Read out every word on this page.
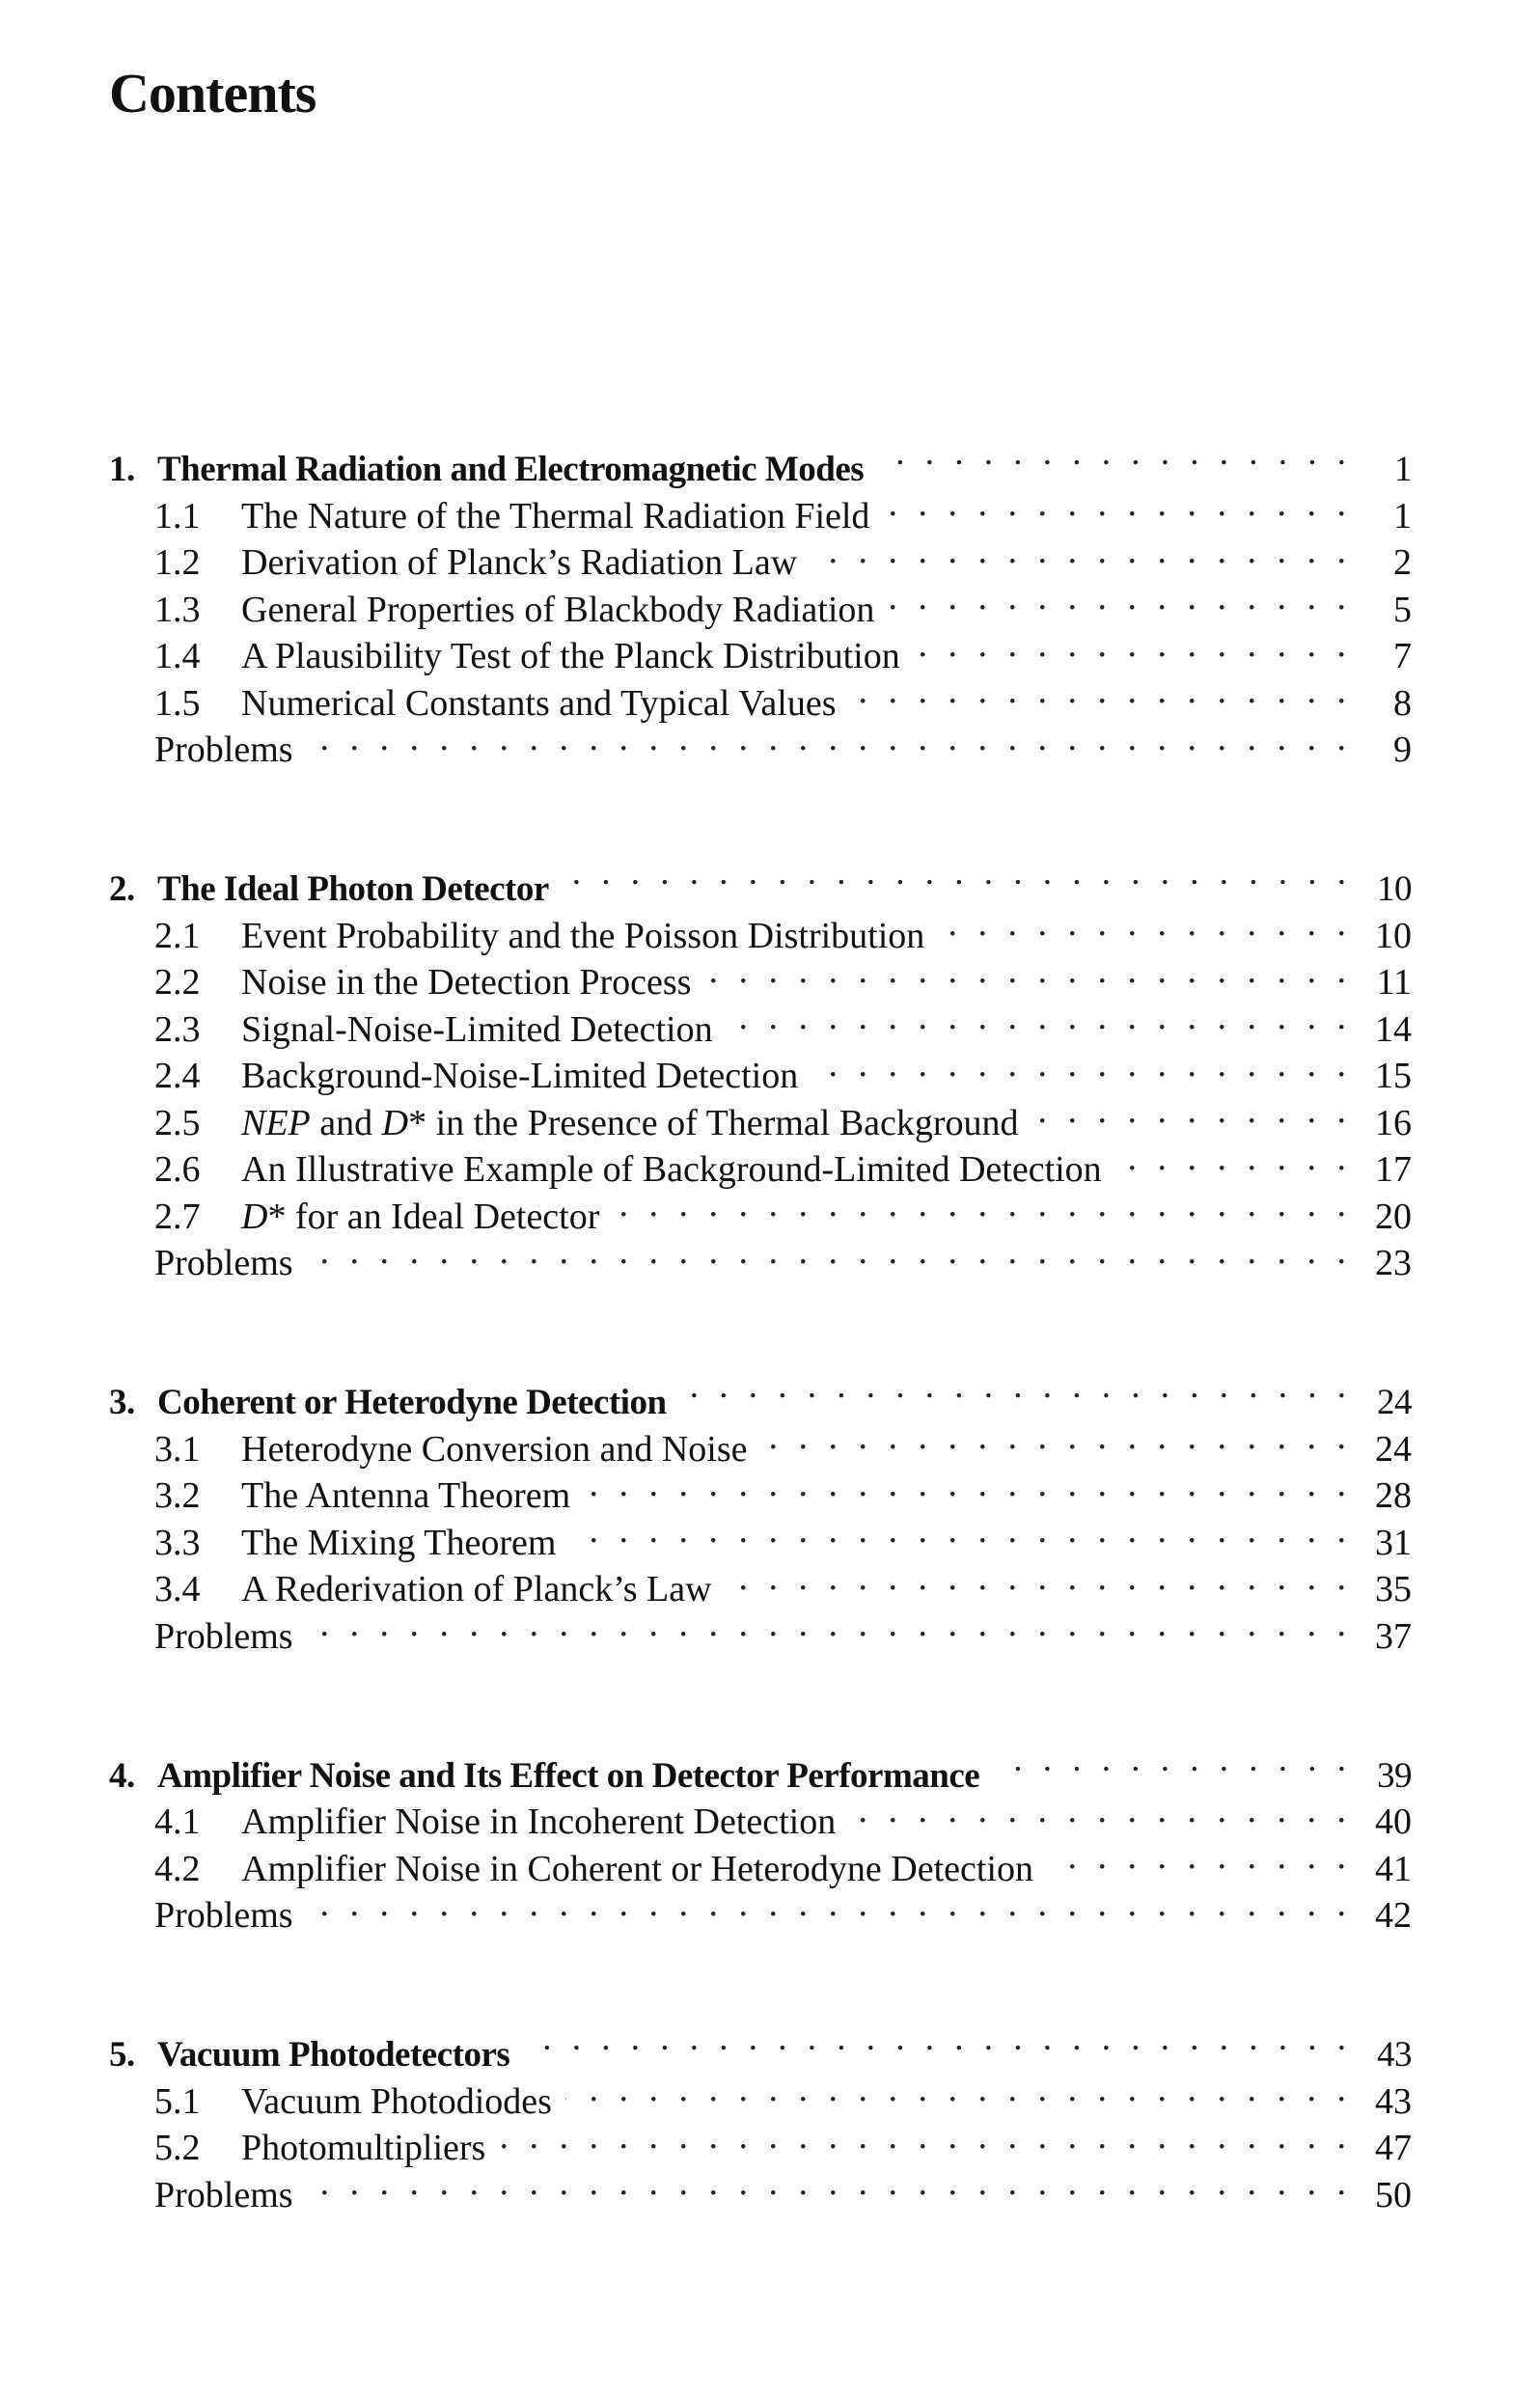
Contents
1. Thermal Radiation and Electromagnetic Modes . . .	1
1.1	The Nature of the Thermal Radiation Field . . .	1
1.2	Derivation of Planck’s Radiation Law . . .	2
1.3	General Properties of Blackbody Radiation . . .	5
1.4	A Plausibility Test of the Planck Distribution . . .	7
1.5	Numerical Constants and Typical Values . . .	8
Problems . . .	9
2. The Ideal Photon Detector . . .	10
2.1	Event Probability and the Poisson Distribution . . .	10
2.2	Noise in the Detection Process . . .	11
2.3	Signal-Noise-Limited Detection . . .	14
2.4	Background-Noise-Limited Detection . . .	15
2.5	NEP and D* in the Presence of Thermal Background . . .	16
2.6	An Illustrative Example of Background-Limited Detection . . .	17
2.7	D* for an Ideal Detector . . .	20
Problems . . .	23
3. Coherent or Heterodyne Detection . . .	24
3.1	Heterodyne Conversion and Noise . . .	24
3.2	The Antenna Theorem . . .	28
3.3	The Mixing Theorem . . .	31
3.4	A Rederivation of Planck’s Law . . .	35
Problems . . .	37
4. Amplifier Noise and Its Effect on Detector Performance . . .	39
4.1	Amplifier Noise in Incoherent Detection . . .	40
4.2	Amplifier Noise in Coherent or Heterodyne Detection . . .	41
Problems . . .	42
5. Vacuum Photodetectors . . .	43
5.1	Vacuum Photodiodes . . .	43
5.2	Photomultipliers . . .	47
Problems . . .	50
